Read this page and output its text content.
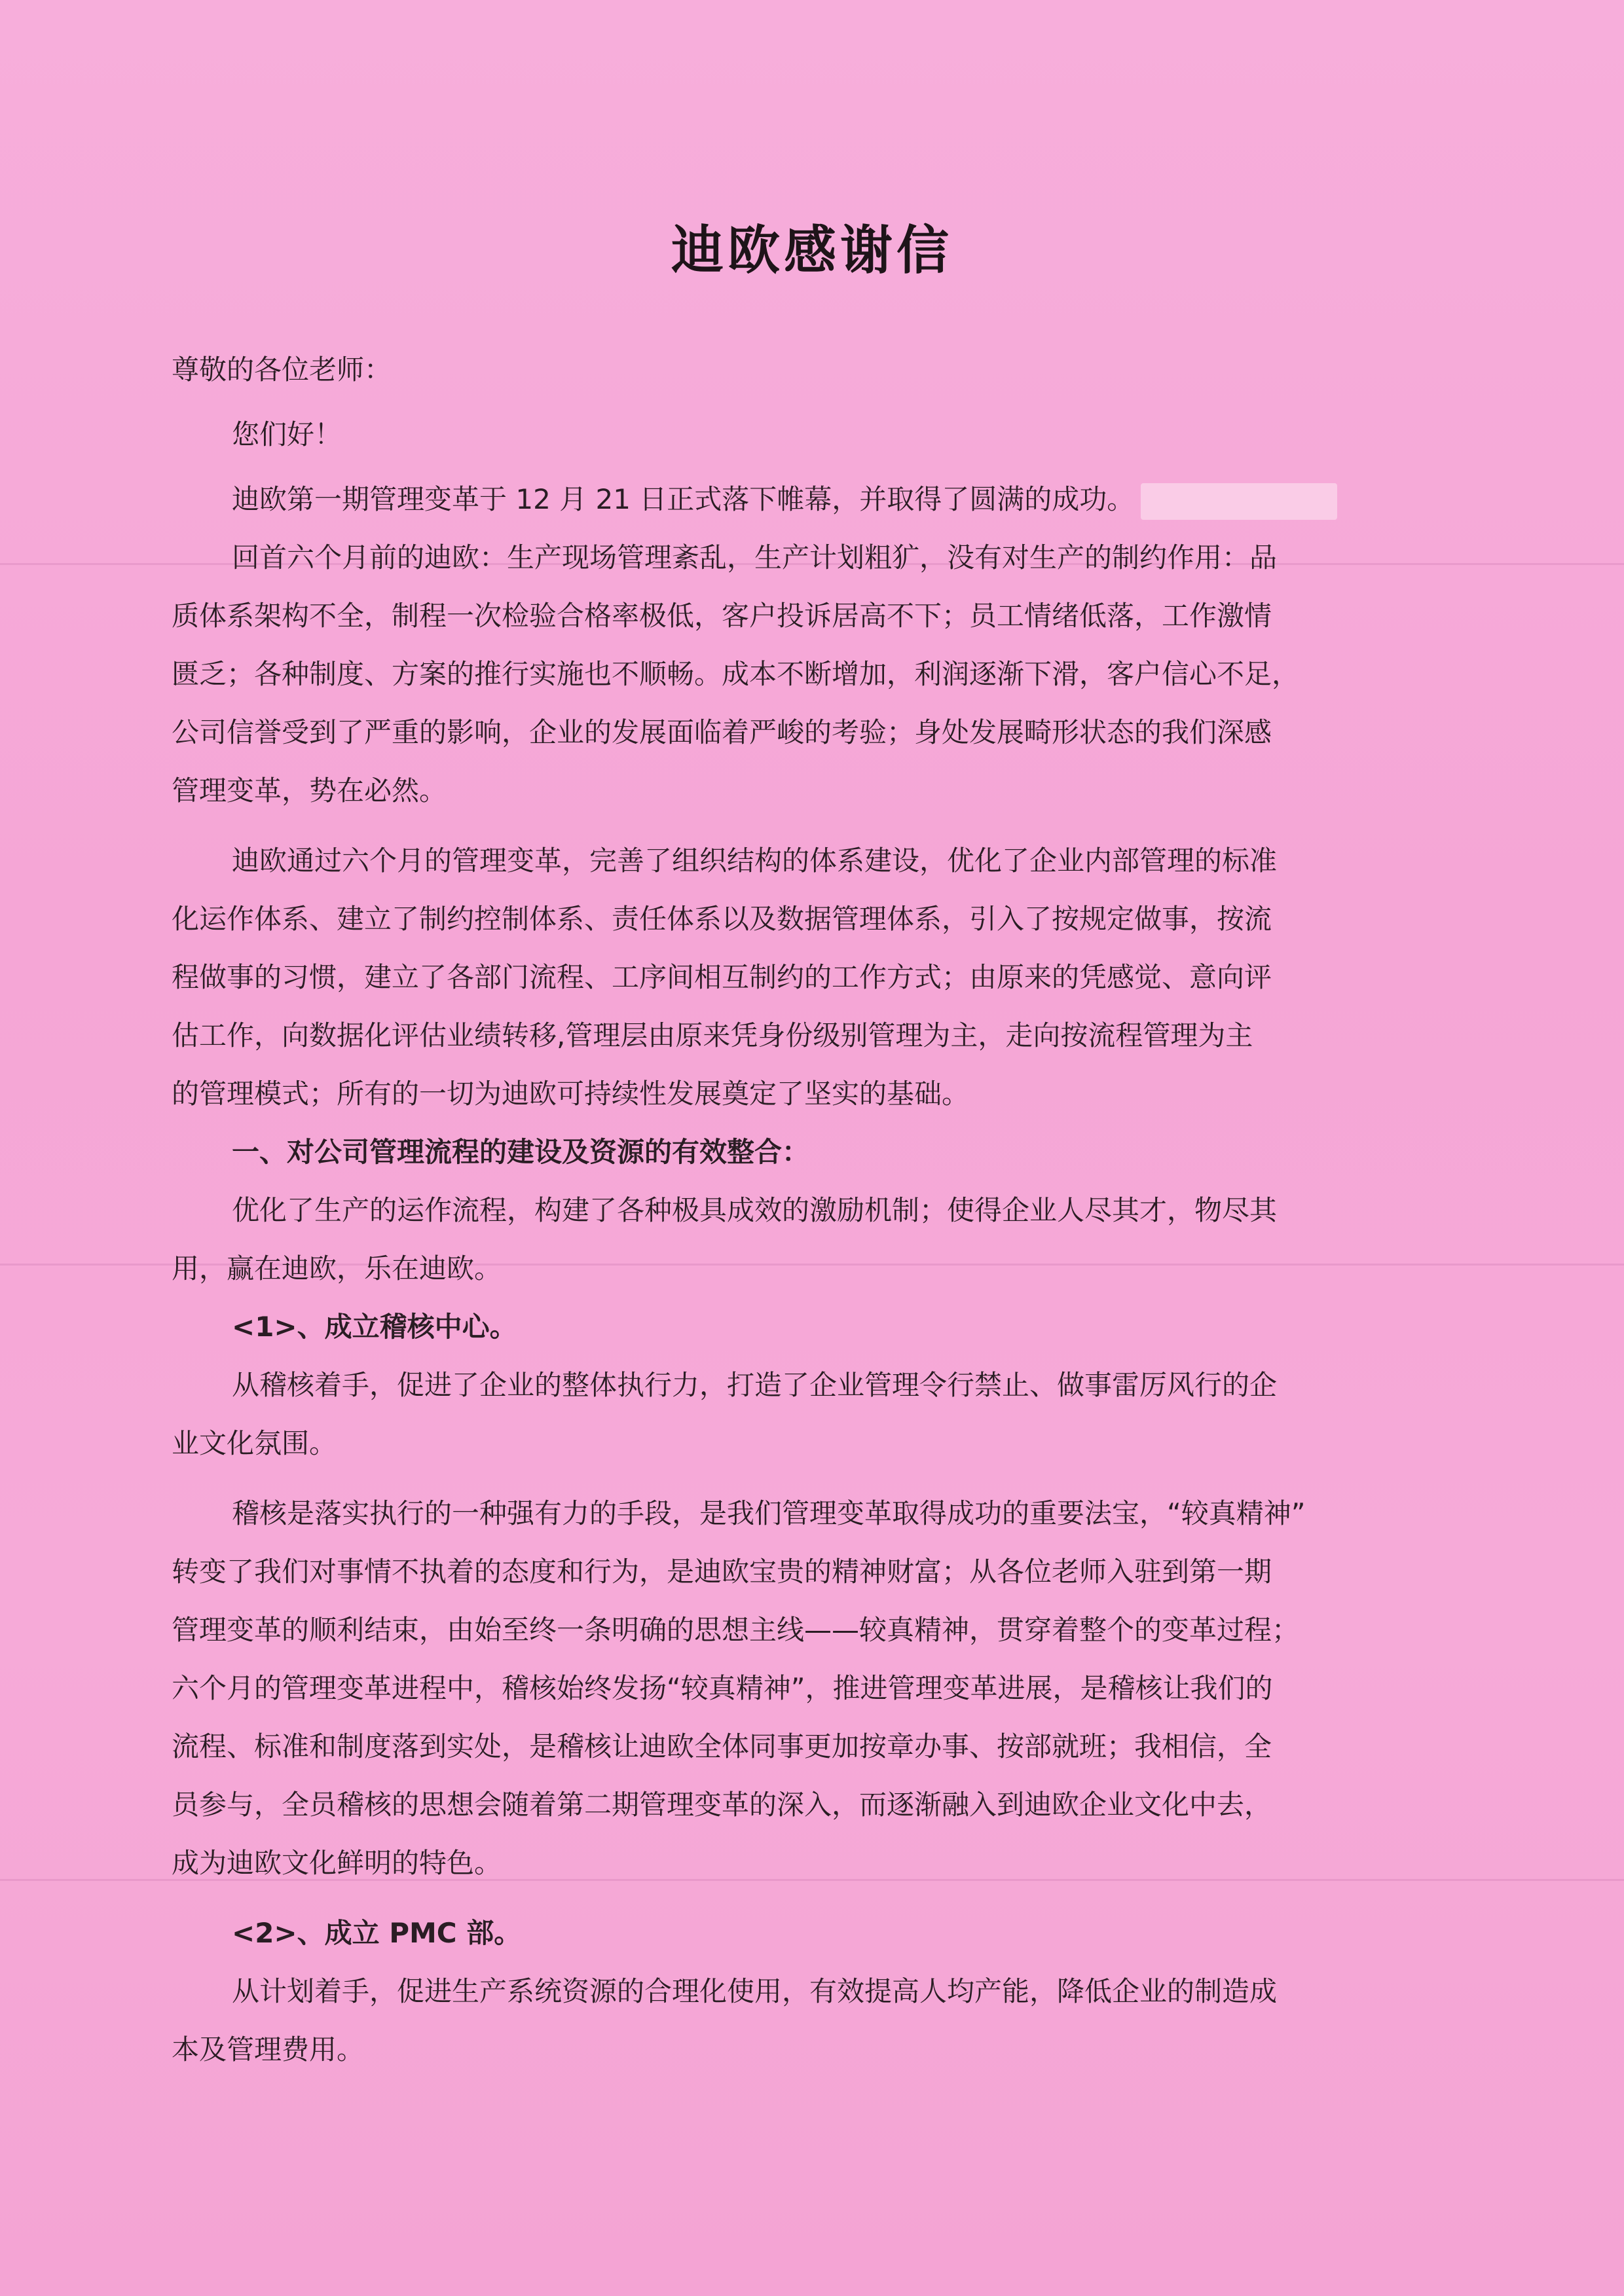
迪欧感谢信
尊敬的各位老师：
您们好！
迪欧第一期管理变革于 12 月 21 日正式落下帷幕，并取得了圆满的成功。
回首六个月前的迪欧：生产现场管理紊乱，生产计划粗犷，没有对生产的制约作用：品
质体系架构不全，制程一次检验合格率极低，客户投诉居高不下；员工情绪低落，工作激情
匮乏；各种制度、方案的推行实施也不顺畅。成本不断增加，利润逐渐下滑，客户信心不足，
公司信誉受到了严重的影响，企业的发展面临着严峻的考验；身处发展畸形状态的我们深感
管理变革，势在必然。
迪欧通过六个月的管理变革，完善了组织结构的体系建设，优化了企业内部管理的标准
化运作体系、建立了制约控制体系、责任体系以及数据管理体系，引入了按规定做事，按流
程做事的习惯，建立了各部门流程、工序间相互制约的工作方式；由原来的凭感觉、意向评
估工作，向数据化评估业绩转移,管理层由原来凭身份级别管理为主，走向按流程管理为主
的管理模式；所有的一切为迪欧可持续性发展奠定了坚实的基础。
一、对公司管理流程的建设及资源的有效整合：
优化了生产的运作流程，构建了各种极具成效的激励机制；使得企业人尽其才，物尽其
用，赢在迪欧，乐在迪欧。
<1>、成立稽核中心。
从稽核着手，促进了企业的整体执行力，打造了企业管理令行禁止、做事雷厉风行的企
业文化氛围。
稽核是落实执行的一种强有力的手段，是我们管理变革取得成功的重要法宝，“较真精神”
转变了我们对事情不执着的态度和行为，是迪欧宝贵的精神财富；从各位老师入驻到第一期
管理变革的顺利结束，由始至终一条明确的思想主线——较真精神，贯穿着整个的变革过程；
六个月的管理变革进程中，稽核始终发扬“较真精神”，推进管理变革进展，是稽核让我们的
流程、标准和制度落到实处，是稽核让迪欧全体同事更加按章办事、按部就班；我相信，全
员参与，全员稽核的思想会随着第二期管理变革的深入，而逐渐融入到迪欧企业文化中去，
成为迪欧文化鲜明的特色。
<2>、成立 PMC 部。
从计划着手，促进生产系统资源的合理化使用，有效提高人均产能，降低企业的制造成
本及管理费用。
